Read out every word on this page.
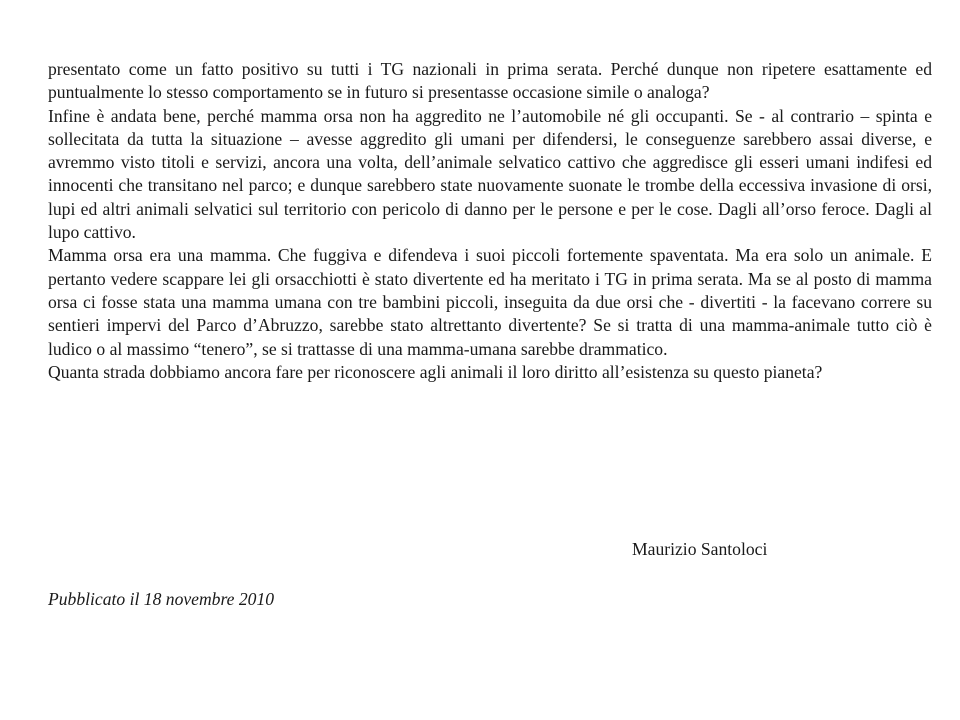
presentato come un fatto positivo su tutti i TG nazionali in prima serata. Perché dunque non ripetere esattamente ed puntualmente lo stesso comportamento se in futuro si presentasse occasione simile o analoga?

Infine è andata bene, perché mamma orsa non ha aggredito ne l’automobile né gli occupanti. Se - al contrario – spinta e sollecitata da tutta la situazione – avesse aggredito gli umani per difendersi, le conseguenze sarebbero assai diverse, e avremmo visto titoli e servizi, ancora una volta, dell’animale selvatico cattivo che aggredisce gli esseri umani indifesi ed innocenti che transitano nel parco; e dunque sarebbero state nuovamente suonate le trombe della eccessiva invasione di orsi, lupi ed altri animali selvatici sul territorio con pericolo di danno per le persone e per le cose. Dagli all’orso feroce. Dagli al lupo cattivo.

Mamma orsa era una mamma. Che fuggiva e difendeva i suoi piccoli fortemente spaventata. Ma era solo un animale. E pertanto vedere scappare lei gli orsacchiotti è stato divertente ed ha meritato i TG in prima serata. Ma se al posto di mamma orsa ci fosse stata una mamma umana con tre bambini piccoli, inseguita da due orsi che - divertiti - la facevano correre su sentieri impervi del Parco d’Abruzzo, sarebbe stato altrettanto divertente? Se si tratta di una mamma-animale tutto ciò è ludico o al massimo “tenero”, se si trattasse di una mamma-umana sarebbe drammatico.

Quanta strada dobbiamo ancora fare per riconoscere agli animali il loro diritto all’esistenza su questo pianeta?

Maurizio Santoloci
Pubblicato il 18 novembre 2010
